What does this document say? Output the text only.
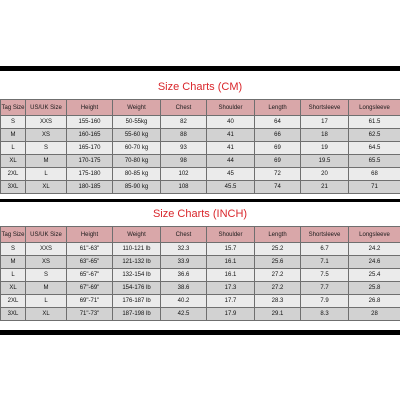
Size Charts (CM)
Tag Size	US/UK Size	Height	Weight	Chest	Shoulder	Length	Shortsleeve	Longsleeve
S	XXS	155-160	50-55kg	82	40	64	17	61.5
M	XS	160-165	55-60 kg	88	41	66	18	62.5
L	S	165-170	60-70 kg	93	41	69	19	64.5
XL	M	170-175	70-80 kg	98	44	69	19.5	65.5
2XL	L	175-180	80-85 kg	102	45	72	20	68
3XL	XL	180-185	85-90 kg	108	45.5	74	21	71
Size Charts (INCH)
Tag Size	US/UK Size	Height	Weight	Chest	Shoulder	Length	Shortsleeve	Longsleeve
S	XXS	61"-63"	110-121 lb	32.3	15.7	25.2	6.7	24.2
M	XS	63"-65"	121-132 lb	33.9	16.1	25.6	7.1	24.6
L	S	65"-67"	132-154 lb	36.6	16.1	27.2	7.5	25.4
XL	M	67"-69"	154-176 lb	38.6	17.3	27.2	7.7	25.8
2XL	L	69"-71"	176-187 lb	40.2	17.7	28.3	7.9	26.8
3XL	XL	71"-73"	187-198 lb	42.5	17.9	29.1	8.3	28
